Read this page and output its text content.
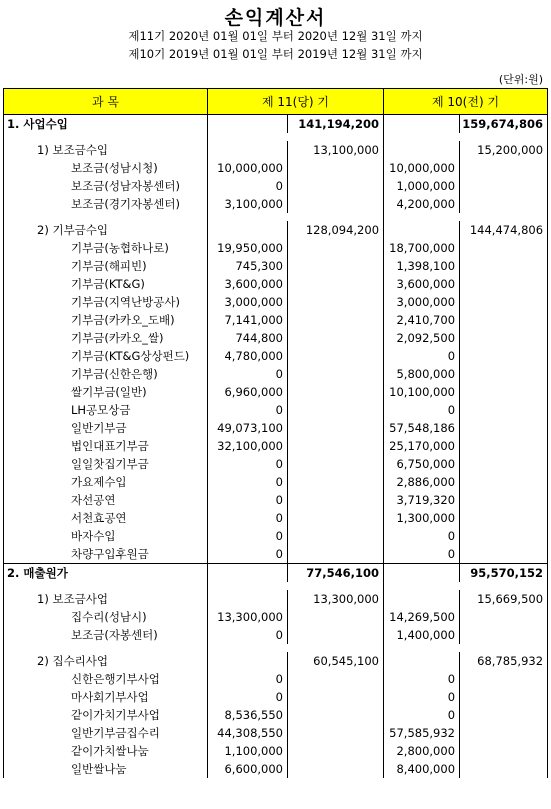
손익계산서
제11기 2020년 01월 01일 부터 2020년 12월 31일 까지
제10기 2019년 01월 01일 부터 2019년 12월 31일 까지
(단위:원)
과 목	제 11(당) 기		제 10(전) 기	
1. 사업수입		141,194,200		159,674,806

1) 보조금수입		13,100,000		15,200,000
보조금(성남시청)	10,000,000		10,000,000	
보조금(성남자봉센터)	0		1,000,000	
보조금(경기자봉센터)	3,100,000		4,200,000	

2) 기부금수입		128,094,200		144,474,806
기부금(농협하나로)	19,950,000		18,700,000	
기부금(해피빈)	745,300		1,398,100	
기부금(KT&G)	3,600,000		3,600,000	
기부금(지역난방공사)	3,000,000		3,000,000	
기부금(카카오_도배)	7,141,000		2,410,700	
기부금(카카오_쌀)	744,800		2,092,500	
기부금(KT&G상상펀드)	4,780,000		0	
기부금(신한은행)	0		5,800,000	
쌀기부금(일반)	6,960,000		10,100,000	
LH공모상금	0		0	
일반기부금	49,073,100		57,548,186	
법인대표기부금	32,100,000		25,170,000	
일일찻집기부금	0		6,750,000	
가요제수입	0		2,886,000	
자선공연	0		3,719,320	
서천효공연	0		1,300,000	
바자수입	0		0	
차량구입후원금	0		0	
2. 매출원가		77,546,100		95,570,152

1) 보조금사업		13,300,000		15,669,500
집수리(성남시)	13,300,000		14,269,500	
보조금(자봉센터)	0		1,400,000	

2) 집수리사업		60,545,100		68,785,932
신한은행기부사업	0		0	
마사회기부사업	0		0	
같이가치기부사업	8,536,550		0	
일반기부금집수리	44,308,550		57,585,932	
같이가치쌀나눔	1,100,000		2,800,000	
일반쌀나눔	6,600,000		8,400,000	
